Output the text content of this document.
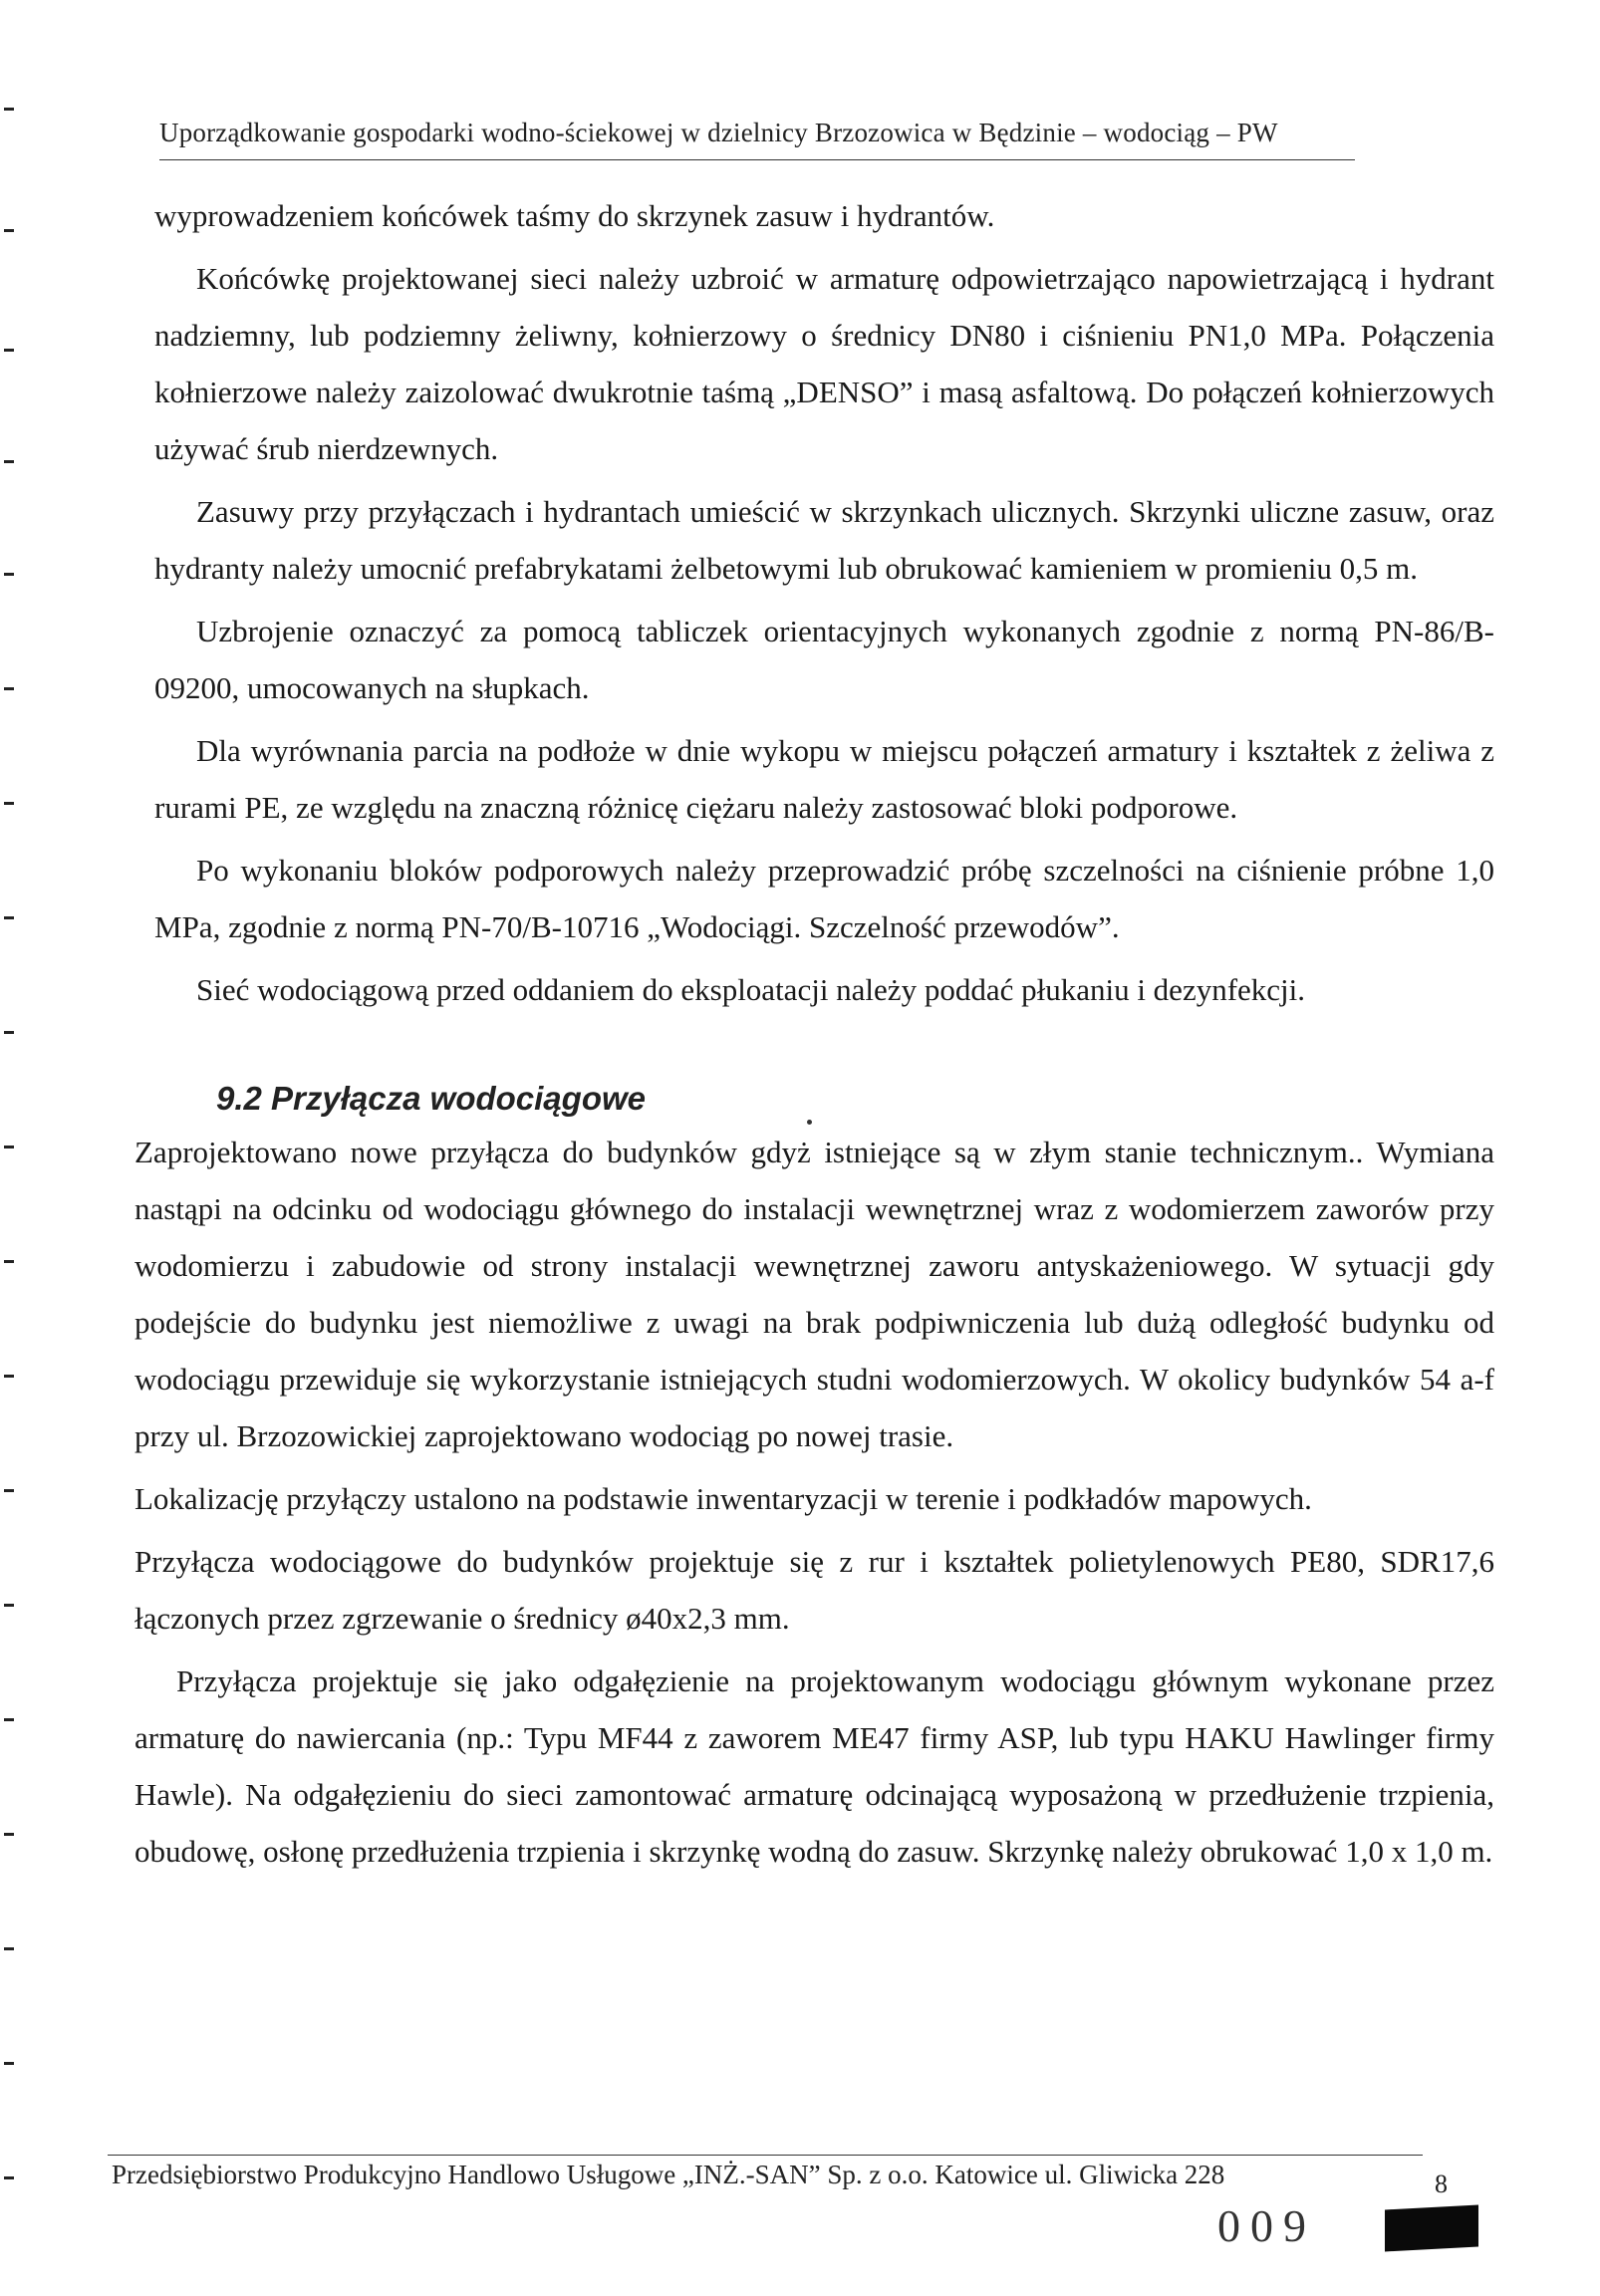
Uporządkowanie gospodarki wodno-ściekowej w dzielnicy Brzozowica w Będzinie – wodociąg – PW

wyprowadzeniem końcówek taśmy do skrzynek zasuw i hydrantów.

Końcówkę projektowanej sieci należy uzbroić w armaturę odpowietrzająco napowietrzającą i hydrant nadziemny, lub podziemny żeliwny, kołnierzowy o średnicy DN80 i ciśnieniu PN1,0 MPa. Połączenia kołnierzowe należy zaizolować dwukrotnie taśmą „DENSO” i masą asfaltową. Do połączeń kołnierzowych używać śrub nierdzewnych.

Zasuwy przy przyłączach i hydrantach umieścić w skrzynkach ulicznych. Skrzynki uliczne zasuw, oraz hydranty należy umocnić prefabrykatami żelbetowymi lub obrukować kamieniem w promieniu 0,5 m.

Uzbrojenie oznaczyć za pomocą tabliczek orientacyjnych wykonanych zgodnie z normą PN-86/B-09200, umocowanych na słupkach.

Dla wyrównania parcia na podłoże w dnie wykopu w miejscu połączeń armatury i kształtek z żeliwa z rurami PE, ze względu na znaczną różnicę ciężaru należy zastosować bloki podporowe.

Po wykonaniu bloków podporowych należy przeprowadzić próbę szczelności na ciśnienie próbne 1,0 MPa, zgodnie z normą PN-70/B-10716 „Wodociągi. Szczelność przewodów”.

Sieć wodociągową przed oddaniem do eksploatacji należy poddać płukaniu i dezynfekcji.

9.2 Przyłącza wodociągowe

Zaprojektowano nowe przyłącza do budynków gdyż istniejące są w złym stanie technicznym.. Wymiana nastąpi na odcinku od wodociągu głównego do instalacji wewnętrznej wraz z wodomierzem zaworów przy wodomierzu i zabudowie od strony instalacji wewnętrznej zaworu antyskażeniowego. W sytuacji gdy podejście do budynku jest niemożliwe z uwagi na brak podpiwniczenia lub dużą odległość budynku od wodociągu przewiduje się wykorzystanie istniejących studni wodomierzowych. W okolicy budynków 54 a-f przy ul. Brzozowickiej zaprojektowano wodociąg po nowej trasie.

Lokalizację przyłączy ustalono na podstawie inwentaryzacji w terenie i podkładów mapowych.

Przyłącza wodociągowe do budynków projektuje się z rur i kształtek polietylenowych PE80, SDR17,6 łączonych przez zgrzewanie o średnicy ø40x2,3 mm.

Przyłącza projektuje się jako odgałęzienie na projektowanym wodociągu głównym wykonane przez armaturę do nawiercania (np.: Typu MF44 z zaworem ME47 firmy ASP, lub typu HAKU Hawlinger firmy Hawle). Na odgałęzieniu do sieci zamontować armaturę odcinającą wyposażoną w przedłużenie trzpienia, obudowę, osłonę przedłużenia trzpienia i skrzynkę wodną do zasuw. Skrzynkę należy obrukować 1,0 x 1,0 m.

Przedsiębiorstwo Produkcyjno Handlowo Usługowe „INŻ.-SAN” Sp. z o.o. Katowice ul. Gliwicka 228	8
009
